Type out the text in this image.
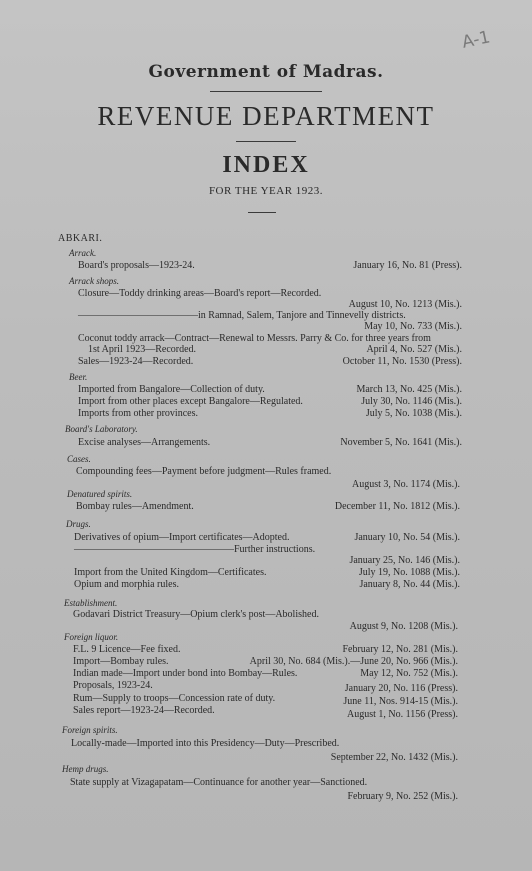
A-1
Government of Madras.
REVENUE DEPARTMENT
INDEX
FOR THE YEAR 1923.
ABKARI.
Arrack.
Board's proposals—1923-24.	January 16, No. 81 (Press).
Arrack shops.
Closure—Toddy drinking areas—Board's report—Recorded.
August 10, No. 1213 (Mis.).
————————————in Ramnad, Salem, Tanjore and Tinnevelly districts.
May 10, No. 733 (Mis.).
Coconut toddy arrack—Contract—Renewal to Messrs. Parry & Co. for three years from
1st April 1923—Recorded.	April 4, No. 527 (Mis.).
Sales—1923-24—Recorded.	October 11, No. 1530 (Press).
Beer.
Imported from Bangalore—Collection of duty.	March 13, No. 425 (Mis.).
Import from other places except Bangalore—Regulated.	July 30, No. 1146 (Mis.).
Imports from other provinces.	July 5, No. 1038 (Mis.).
Board's Laboratory.
Excise analyses—Arrangements.	November 5, No. 1641 (Mis.).
Cases.
Compounding fees—Payment before judgment—Rules framed.
August 3, No. 1174 (Mis.).
Denatured spirits.
Bombay rules—Amendment.	December 11, No. 1812 (Mis.).
Drugs.
Derivatives of opium—Import certificates—Adopted.	January 10, No. 54 (Mis.).
————————————————Further instructions.
January 25, No. 146 (Mis.).
Import from the United Kingdom—Certificates.	July 19, No. 1088 (Mis.).
Opium and morphia rules.	January 8, No. 44 (Mis.).
Establishment.
Godavari District Treasury—Opium clerk's post—Abolished.
August 9, No. 1208 (Mis.).
Foreign liquor.
F.L. 9 Licence—Fee fixed.	February 12, No. 281 (Mis.).
Import—Bombay rules.	April 30, No. 684 (Mis.).—June 20, No. 966 (Mis.).
Indian made—Import under bond into Bombay—Rules.	May 12, No. 752 (Mis.).
Proposals, 1923-24.	January 20, No. 116 (Press).
Rum—Supply to troops—Concession rate of duty.	June 11, Nos. 914-15 (Mis.).
Sales report—1923-24—Recorded.	August 1, No. 1156 (Press).
Foreign spirits.
Locally-made—Imported into this Presidency—Duty—Prescribed.
September 22, No. 1432 (Mis.).
Hemp drugs.
State supply at Vizagapatam—Continuance for another year—Sanctioned.
February 9, No. 252 (Mis.).
